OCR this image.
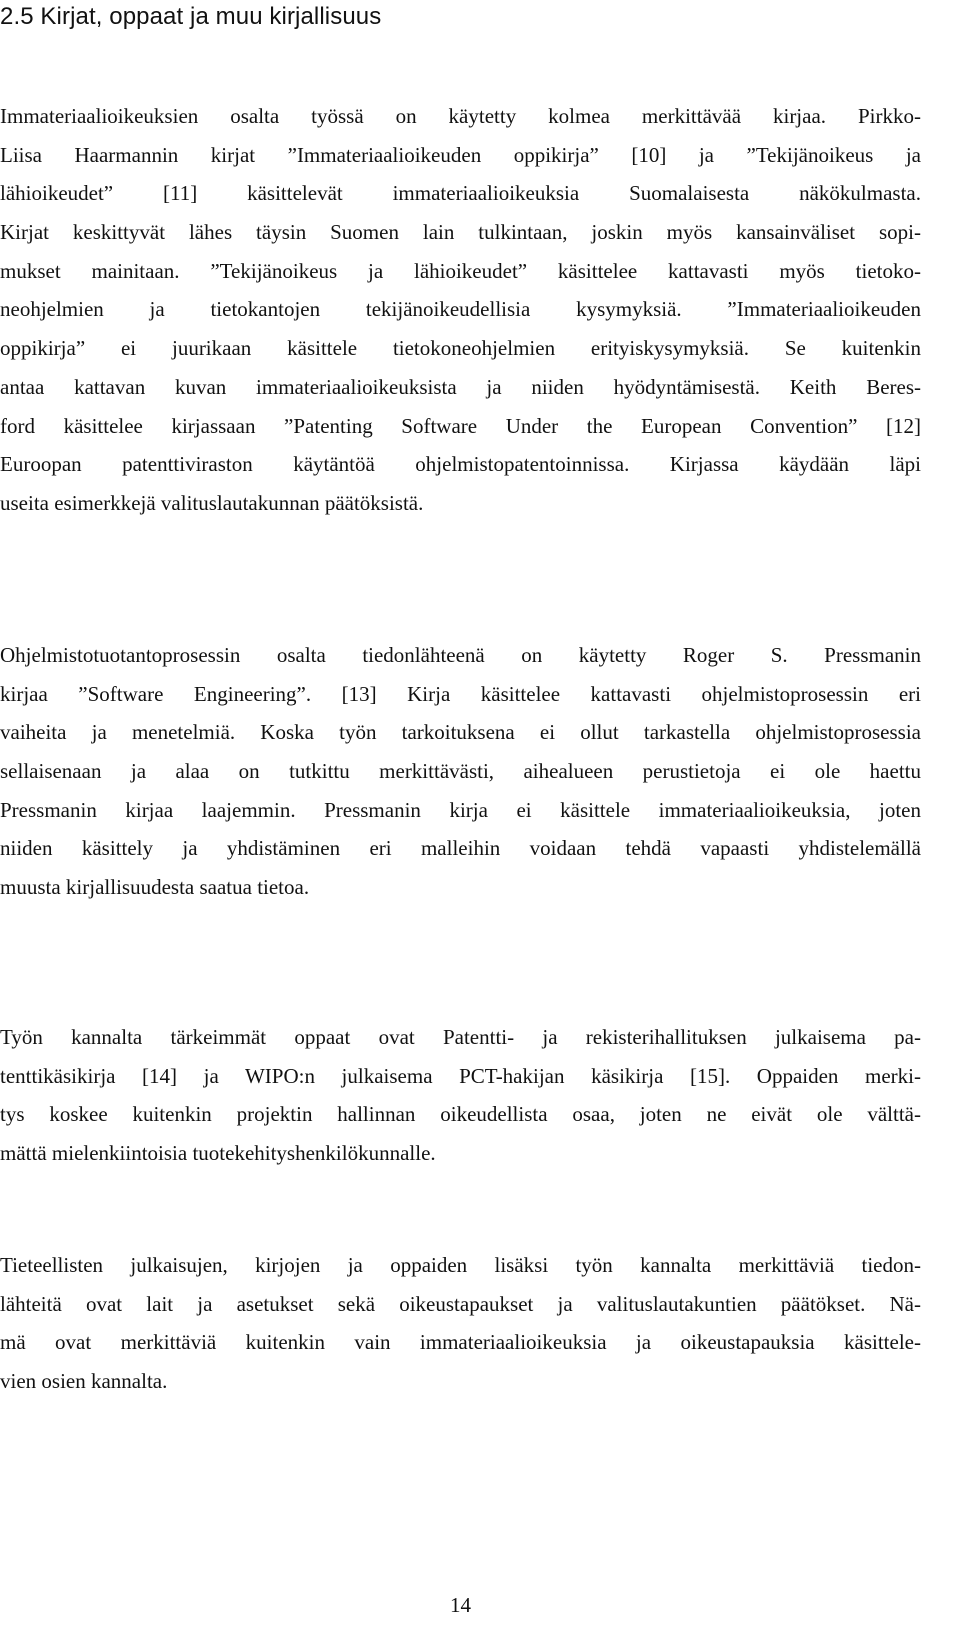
2.5 Kirjat, oppaat ja muu kirjallisuus
Immateriaalioikeuksien osalta työssä on käytetty kolmea merkittävää kirjaa. Pirkko-
Liisa Haarmannin kirjat ”Immateriaalioikeuden oppikirja” [10] ja ”Tekijänoikeus ja
lähioikeudet” [11] käsittelevät immateriaalioikeuksia Suomalaisesta näkökulmasta.
Kirjat keskittyvät lähes täysin Suomen lain tulkintaan, joskin myös kansainväliset sopi-
mukset mainitaan. ”Tekijänoikeus ja lähioikeudet” käsittelee kattavasti myös tietoko-
neohjelmien ja tietokantojen tekijänoikeudellisia kysymyksiä. ”Immateriaalioikeuden
oppikirja” ei juurikaan käsittele tietokoneohjelmien erityiskysymyksiä. Se kuitenkin
antaa kattavan kuvan immateriaalioikeuksista ja niiden hyödyntämisestä. Keith Beres-
ford käsittelee kirjassaan ”Patenting Software Under the European Convention” [12]
Euroopan patenttiviraston käytäntöä ohjelmistopatentoinnissa. Kirjassa käydään läpi
useita esimerkkejä valituslautakunnan päätöksistä.
Ohjelmistotuotantoprosessin osalta tiedonlähteenä on käytetty Roger S. Pressmanin
kirjaa ”Software Engineering”. [13] Kirja käsittelee kattavasti ohjelmistoprosessin eri
vaiheita ja menetelmiä. Koska työn tarkoituksena ei ollut tarkastella ohjelmistoprosessia
sellaisenaan ja alaa on tutkittu merkittävästi, aihealueen perustietoja ei ole haettu
Pressmanin kirjaa laajemmin. Pressmanin kirja ei käsittele immateriaalioikeuksia, joten
niiden käsittely ja yhdistäminen eri malleihin voidaan tehdä vapaasti yhdistelemällä
muusta kirjallisuudesta saatua tietoa.
Työn kannalta tärkeimmät oppaat ovat Patentti- ja rekisterihallituksen julkaisema pa-
tenttikäsikirja [14] ja WIPO:n julkaisema PCT-hakijan käsikirja [15]. Oppaiden merki-
tys koskee kuitenkin projektin hallinnan oikeudellista osaa, joten ne eivät ole välttä-
mättä mielenkiintoisia tuotekehityshenkilökunnalle.
Tieteellisten julkaisujen, kirjojen ja oppaiden lisäksi työn kannalta merkittäviä tiedon-
lähteitä ovat lait ja asetukset sekä oikeustapaukset ja valituslautakuntien päätökset. Nä-
mä ovat merkittäviä kuitenkin vain immateriaalioikeuksia ja oikeustapauksia käsittele-
vien osien kannalta.
14
